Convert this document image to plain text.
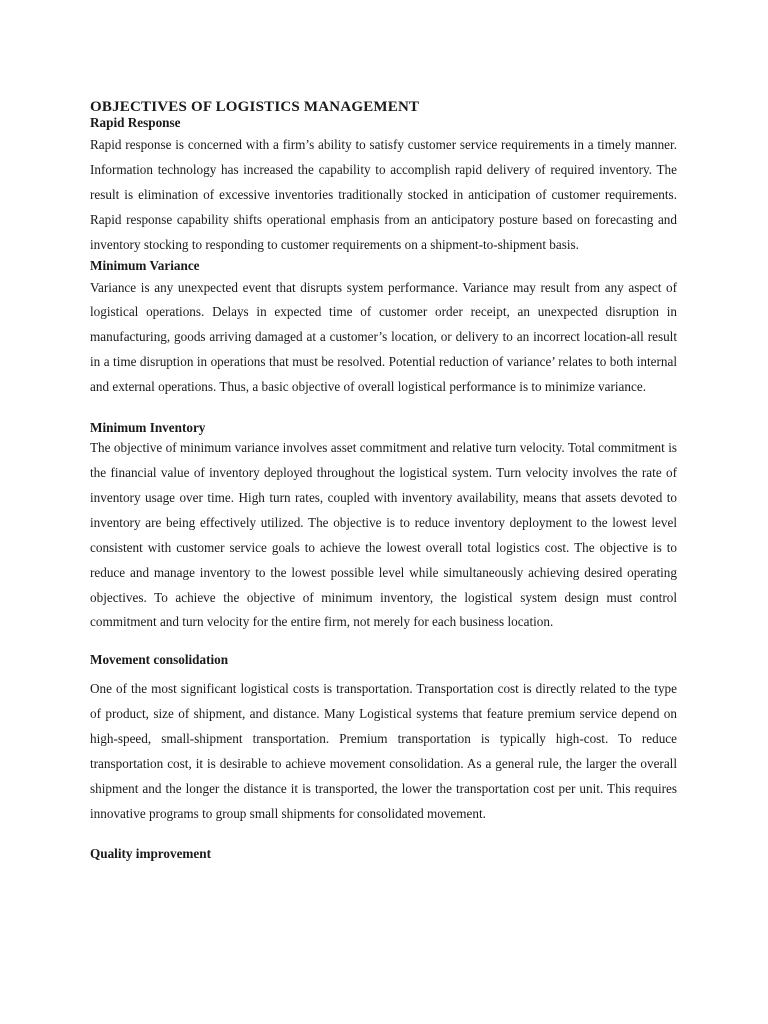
OBJECTIVES OF LOGISTICS MANAGEMENT
Rapid Response

Rapid response is concerned with a firm’s ability to satisfy customer service requirements in a timely manner. Information technology has increased the capability to accomplish rapid delivery of required inventory. The result is elimination of excessive inventories traditionally stocked in anticipation of customer requirements. Rapid response capability shifts operational emphasis from an anticipatory posture based on forecasting and inventory stocking to responding to customer requirements on a shipment-to-shipment basis.

Minimum Variance

Variance is any unexpected event that disrupts system performance. Variance may result from any aspect of logistical operations. Delays in expected time of customer order receipt, an unexpected disruption in manufacturing, goods arriving damaged at a customer’s location, or delivery to an incorrect location-all result in a time disruption in operations that must be resolved. Potential reduction of variance’ relates to both internal and external operations. Thus, a basic objective of overall logistical performance is to minimize variance.

Minimum Inventory

The objective of minimum variance involves asset commitment and relative turn velocity. Total commitment is the financial value of inventory deployed throughout the logistical system. Turn velocity involves the rate of inventory usage over time. High turn rates, coupled with inventory availability, means that assets devoted to inventory are being effectively utilized. The objective is to reduce inventory deployment to the lowest level consistent with customer service goals to achieve the lowest overall total logistics cost. The objective is to reduce and manage inventory to the lowest possible level while simultaneously achieving desired operating objectives. To achieve the objective of minimum inventory, the logistical system design must control commitment and turn velocity for the entire firm, not merely for each business location.

Movement consolidation

One of the most significant logistical costs is transportation. Transportation cost is directly related to the type of product, size of shipment, and distance. Many Logistical systems that feature premium service depend on high-speed, small-shipment transportation. Premium transportation is typically high-cost. To reduce transportation cost, it is desirable to achieve movement consolidation. As a general rule, the larger the overall shipment and the longer the distance it is transported, the lower the transportation cost per unit. This requires innovative programs to group small shipments for consolidated movement.

Quality improvement
